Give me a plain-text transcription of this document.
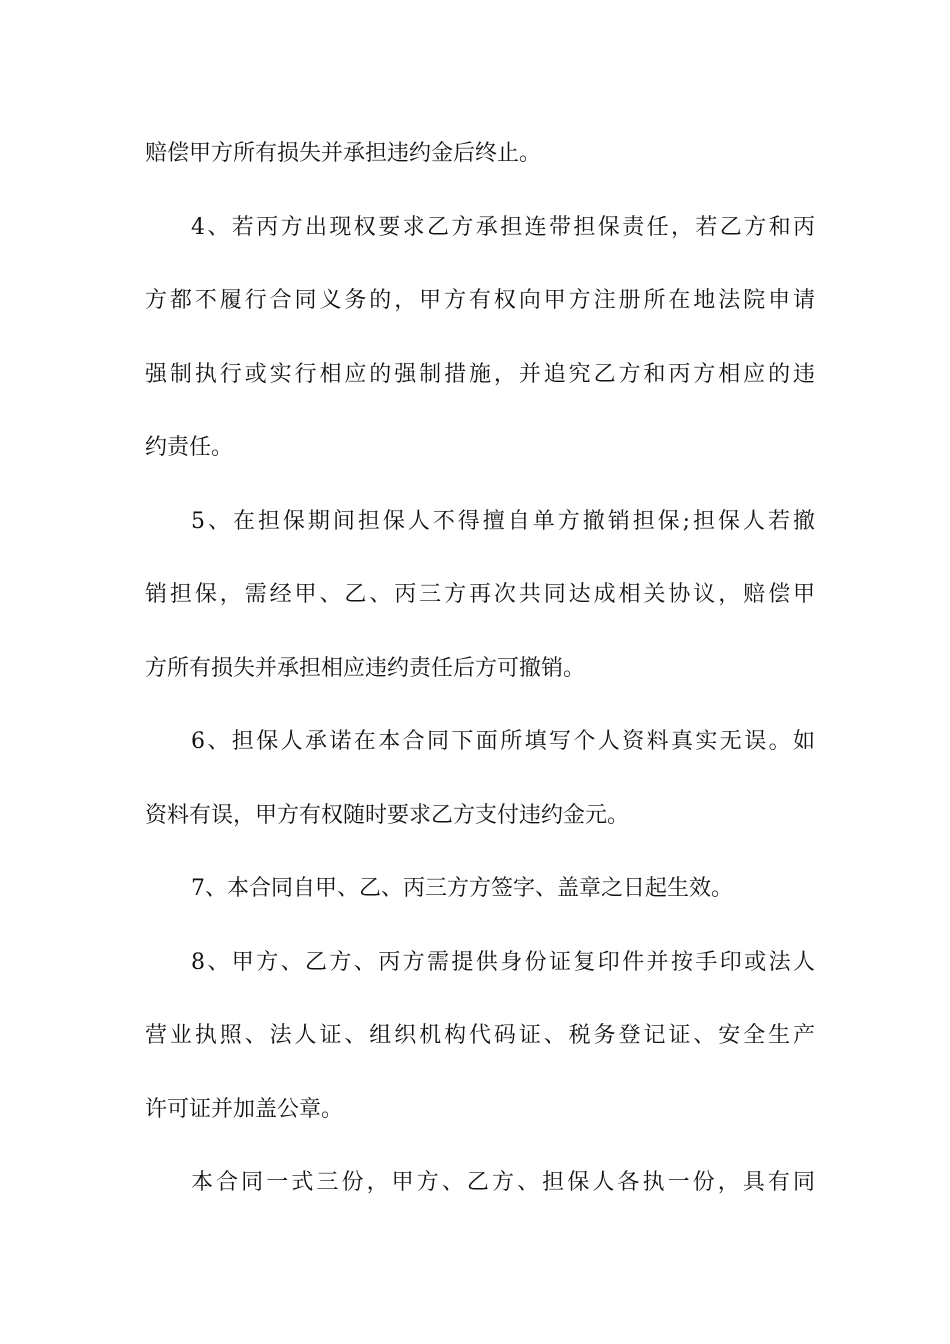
赔偿甲方所有损失并承担违约金后终止。
4、若丙方出现权要求乙方承担连带担保责任，若乙方和丙
方都不履行合同义务的，甲方有权向甲方注册所在地法院申请
强制执行或实行相应的强制措施，并追究乙方和丙方相应的违
约责任。
5、在担保期间担保人不得擅自单方撤销担保;担保人若撤
销担保，需经甲、乙、丙三方再次共同达成相关协议，赔偿甲
方所有损失并承担相应违约责任后方可撤销。
6、担保人承诺在本合同下面所填写个人资料真实无误。如
资料有误，甲方有权随时要求乙方支付违约金元。
7、本合同自甲、乙、丙三方方签字、盖章之日起生效。
8、甲方、乙方、丙方需提供身份证复印件并按手印或法人
营业执照、法人证、组织机构代码证、税务登记证、安全生产
许可证并加盖公章。
本合同一式三份，甲方、乙方、担保人各执一份，具有同
